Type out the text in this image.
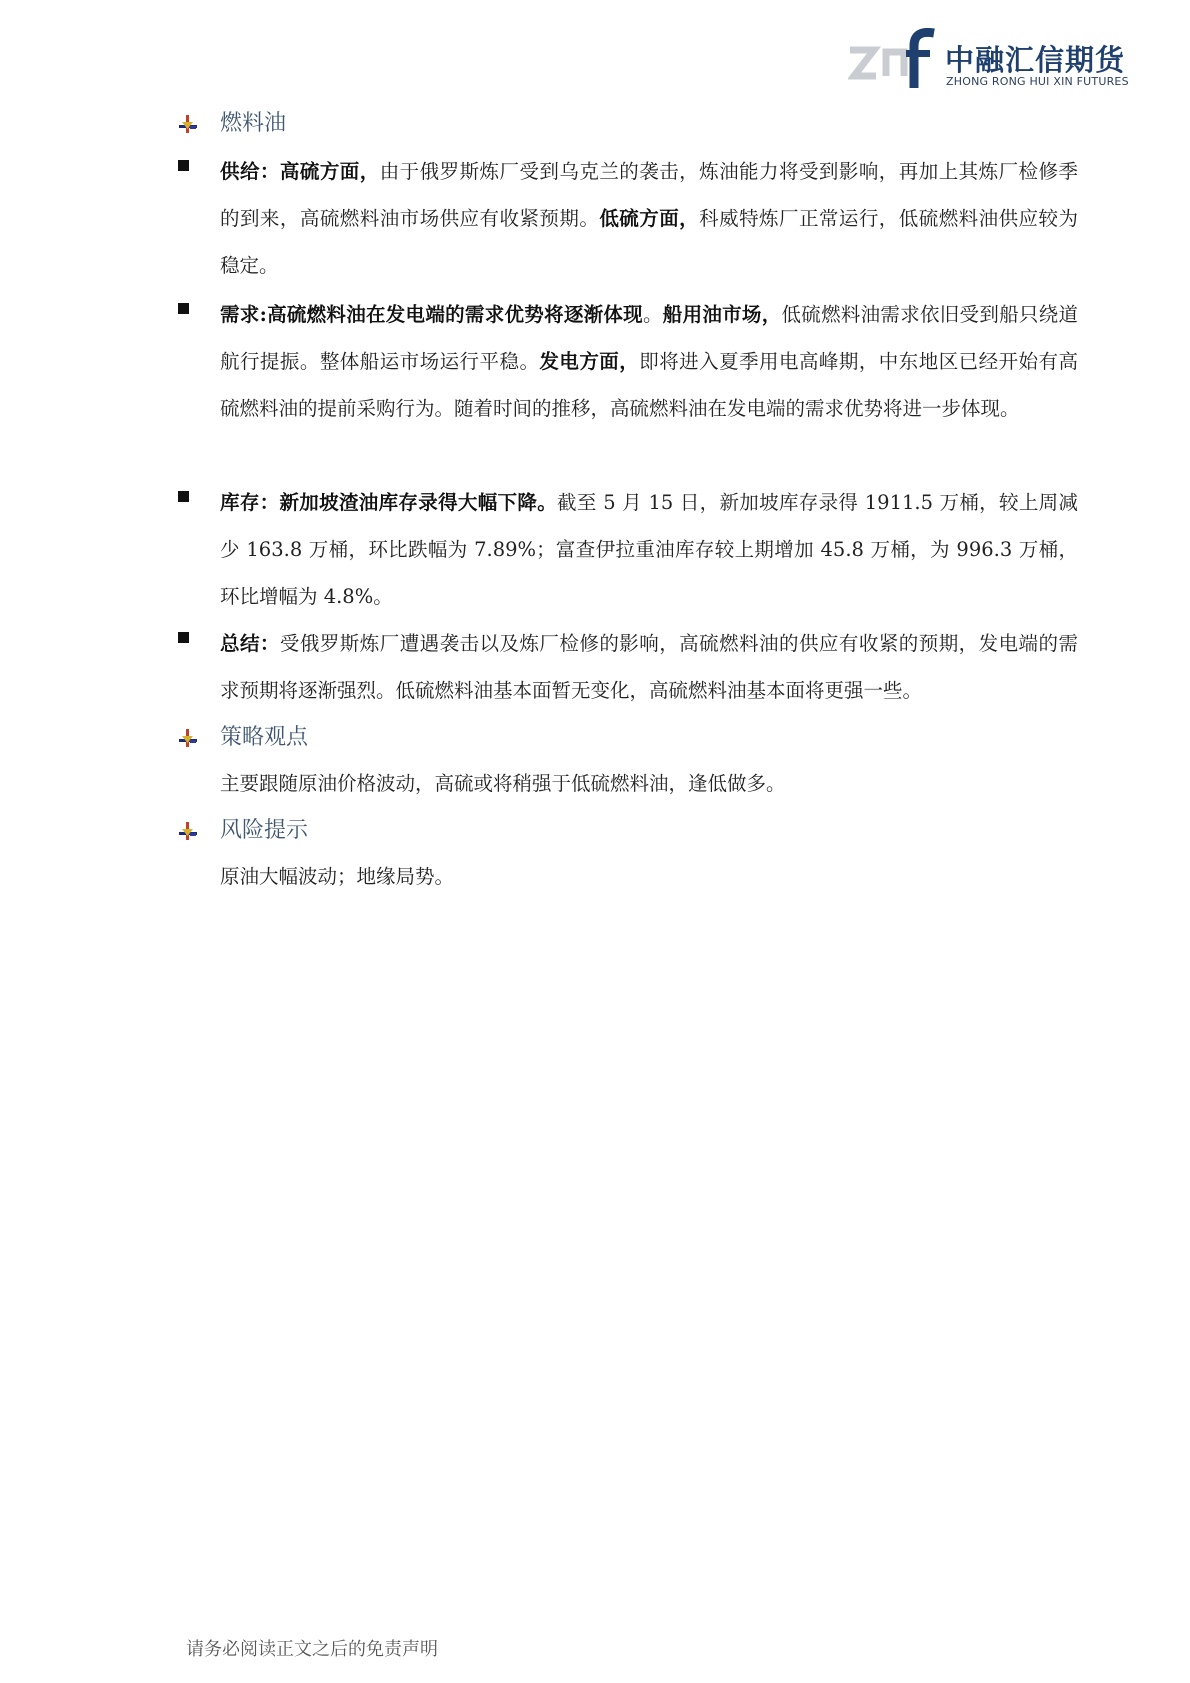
中融汇信期货
ZHONG RONG HUI XIN FUTURES
燃料油

供给：高硫方面，由于俄罗斯炼厂受到乌克兰的袭击，炼油能力将受到影响，再加上其炼厂检修季的到来，高硫燃料油市场供应有收紧预期。低硫方面，科威特炼厂正常运行，低硫燃料油供应较为稳定。

需求:高硫燃料油在发电端的需求优势将逐渐体现。船用油市场，低硫燃料油需求依旧受到船只绕道航行提振。整体船运市场运行平稳。发电方面，即将进入夏季用电高峰期，中东地区已经开始有高硫燃料油的提前采购行为。随着时间的推移，高硫燃料油在发电端的需求优势将进一步体现。

库存：新加坡渣油库存录得大幅下降。截至 5 月 15 日，新加坡库存录得 1911.5 万桶，较上周减少 163.8 万桶，环比跌幅为 7.89%；富查伊拉重油库存较上期增加 45.8 万桶，为 996.3 万桶，环比增幅为 4.8%。

总结：受俄罗斯炼厂遭遇袭击以及炼厂检修的影响，高硫燃料油的供应有收紧的预期，发电端的需求预期将逐渐强烈。低硫燃料油基本面暂无变化，高硫燃料油基本面将更强一些。

策略观点
主要跟随原油价格波动，高硫或将稍强于低硫燃料油，逢低做多。
风险提示
原油大幅波动；地缘局势。
请务必阅读正文之后的免责声明
